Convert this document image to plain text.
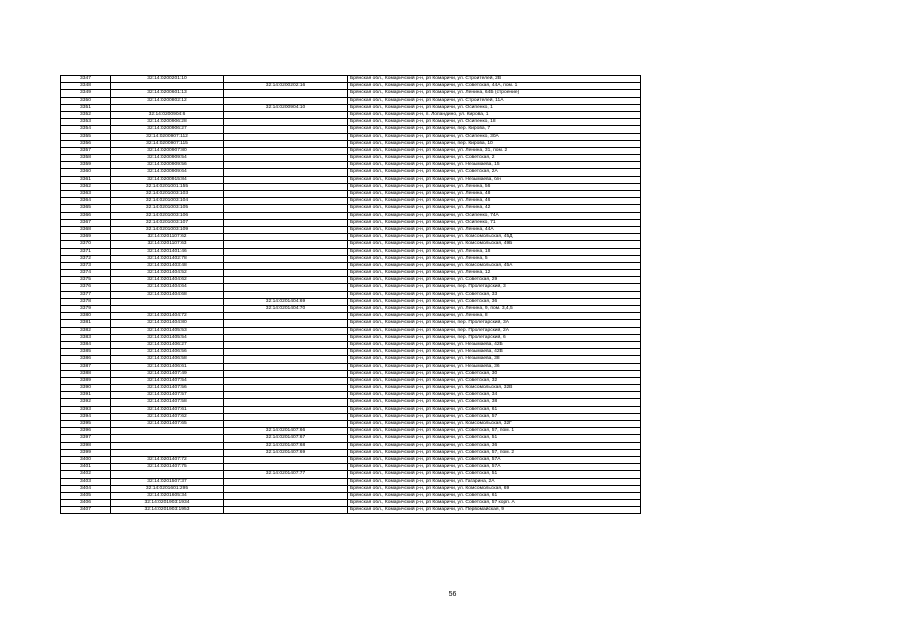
3347	32:14:0200201:10		Брянская обл., Комаричский р-н, рп Комаричи, ул. Строителей, 2В
3348		32:14:0200202:16	Брянская обл., Комаричский р-н, рп Комаричи, ул. Советская, 44А, пом. 1
3349	32:14:0200601:13		Брянская обл., Комаричский р-н, рп Комаричи, ул. Ленина, 64Б (строение)
3350	32:14:0200802:12		Брянская обл., Комаричский р-н, рп Комаричи, ул. Строителей, 11А
3351		32:14:0200904:10	Брянская обл., Комаричский р-н, рп Комаричи, ул. Осипенко, 1
3352	32:14:0200904:6		Брянская обл., Комаричский р-н, п. Лопандино, ул. Кирова, 1
3353	32:14:0200906:28		Брянская обл., Комаричский р-н, рп Комаричи, ул. Осипенко, 18
3354	32:14:0200906:27		Брянская обл., Комаричский р-н, рп Комаричи, пер. Кирова, 7
3355	32:14:0200907:112		Брянская обл., Комаричский р-н, рп Комаричи, ул. Осипенко, 30А
3356	32:14:0200907:115		Брянская обл., Комаричский р-н, рп Комаричи, пер. Кирова, 10
3357	32:14:0200907:80		Брянская обл., Комаричский р-н, рп Комаричи, ул. Ленина, 31, пом. 2
3358	32:14:0200909:54		Брянская обл., Комаричский р-н, рп Комаричи, ул. Советская, 2
3359	32:14:0200909:56		Брянская обл., Комаричский р-н, рп Комаричи, ул. Незымаева, 15
3360	32:14:0200909:64		Брянская обл., Комаричский р-н, рп Комаричи, ул. Советская, 2А
3361	32:14:0200915:84		Брянская обл., Комаричский р-н, рп Комаричи, ул. Незымаева, б/н
3362	32:14:0201001:155		Брянская обл., Комаричский р-н, рп Комаричи, ул. Ленина, 56
3363	32:14:0201003:103		Брянская обл., Комаричский р-н, рп Комаричи, ул. Ленина, 48
3364	32:14:0201003:104		Брянская обл., Комаричский р-н, рп Комаричи, ул. Ленина, 46
3365	32:14:0201003:105		Брянская обл., Комаричский р-н, рп Комаричи, ул. Ленина, 42
3366	32:14:0201003:106		Брянская обл., Комаричский р-н, рп Комаричи, ул. Осипенко, 74А
3367	32:14:0201003:107		Брянская обл., Комаричский р-н, рп Комаричи, ул. Осипенко, 71
3368	32:14:0201003:109		Брянская обл., Комаричский р-н, рп Комаричи, ул. Ленина, 44А
3369	32:14:0201107:62		Брянская обл., Комаричский р-н, рп Комаричи, ул. Комсомольская, 45Д
3370	32:14:0201107:63		Брянская обл., Комаричский р-н, рп Комаричи, ул. Комсомольская, 49Б
3371	32:14:0201401:46		Брянская обл., Комаричский р-н, рп Комаричи, ул. Ленина, 18
3372	32:14:0201402:78		Брянская обл., Комаричский р-н, рп Комаричи, ул. Ленина, 5
3373	32:14:0201403:48		Брянская обл., Комаричский р-н, рп Комаричи, ул. Комсомольская, 45А
3374	32:14:0201404:52		Брянская обл., Комаричский р-н, рп Комаричи, ул. Ленина, 12
3375	32:14:0201404:62		Брянская обл., Комаричский р-н, рп Комаричи, ул. Советская, 29
3376	32:14:0201404:64		Брянская обл., Комаричский р-н, рп Комаричи, пер. Пролетарский, 3
3377	32:14:0201404:68		Брянская обл., Комаричский р-н, рп Комаричи, ул. Советская, 33
3378		32:14:0201404:69	Брянская обл., Комаричский р-н, рп Комаричи, ул. Советская, 36
3379		32:14:0201404:70	Брянская обл., Комаричский р-н, рп Комаричи, ул. Ленина, 9, пом. 3,4,5
3380	32:14:0201404:72		Брянская обл., Комаричский р-н, рп Комаричи, ул. Ленина, 8
3381	32:14:0201404:80		Брянская обл., Комаричский р-н, рп Комаричи, пер. Пролетарский, 3А
3382	32:14:0201405:53		Брянская обл., Комаричский р-н, рп Комаричи, пер. Пролетарский, 2А
3383	32:14:0201405:54		Брянская обл., Комаричский р-н, рп Комаричи, пер. Пролетарский, 6
3384	32:14:0201406:27		Брянская обл., Комаричский р-н, рп Комаричи, ул. Незымаева, 42Б
3385	32:14:0201406:56		Брянская обл., Комаричский р-н, рп Комаричи, ул. Незымаева, 42В
3386	32:14:0201406:58		Брянская обл., Комаричский р-н, рп Комаричи, ул. Незымаева, 38
3387	32:14:0201406:61		Брянская обл., Комаричский р-н, рп Комаричи, ул. Незымаева, 36
3388	32:14:0201407:49		Брянская обл., Комаричский р-н, рп Комаричи, ул. Советская, 30
3389	32:14:0201407:54		Брянская обл., Комаричский р-н, рп Комаричи, ул. Советская, 32
3390	32:14:0201407:56		Брянская обл., Комаричский р-н, рп Комаричи, ул. Комсомольская, 32В
3391	32:14:0201407:57		Брянская обл., Комаричский р-н, рп Комаричи, ул. Советская, 34
3392	32:14:0201407:58		Брянская обл., Комаричский р-н, рп Комаричи, ул. Советская, 38
3393	32:14:0201407:61		Брянская обл., Комаричский р-н, рп Комаричи, ул. Советская, 61
3394	32:14:0201407:62		Брянская обл., Комаричский р-н, рп Комаричи, ул. Советская, 57
3395	32:14:0201407:65		Брянская обл., Комаричский р-н, рп Комаричи, ул. Комсомольская, 32Г
3396		32:14:0201407:66	Брянская обл., Комаричский р-н, рп Комаричи, ул. Советская, 57, пом. 1
3397		32:14:0201407:67	Брянская обл., Комаричский р-н, рп Комаричи, ул. Советская, 51
3398		32:14:0201407:68	Брянская обл., Комаричский р-н, рп Комаричи, ул. Советская, 36
3399		32:14:0201407:69	Брянская обл., Комаричский р-н, рп Комаричи, ул. Советская, 57, пом. 2
3400	32:14:0201407:72		Брянская обл., Комаричский р-н, рп Комаричи, ул. Советская, 57А
3401	32:14:0201407:75		Брянская обл., Комаричский р-н, рп Комаричи, ул. Советская, 57А
3402		32:14:0201407:77	Брянская обл., Комаричский р-н, рп Комаричи, ул. Советская, 51
3403	32:14:0201507:37		Брянская обл., Комаричский р-н, рп Комаричи, ул. Гагарина, 2А
3404	32:14:0201601:295		Брянская обл., Комаричский р-н, рп Комаричи, ул. Комсомольская, 69
3405	32:14:0201605:34		Брянская обл., Комаричский р-н, рп Комаричи, ул. Советская, 61
3406	32:14:0201903:1934		Брянская обл., Комаричский р-н, рп Комаричи, ул. Советская, 57 корп. А
3407	32:14:0201903:1953		Брянская обл., Комаричский р-н, рп Комаричи, ул. Первомайская, 9
56
